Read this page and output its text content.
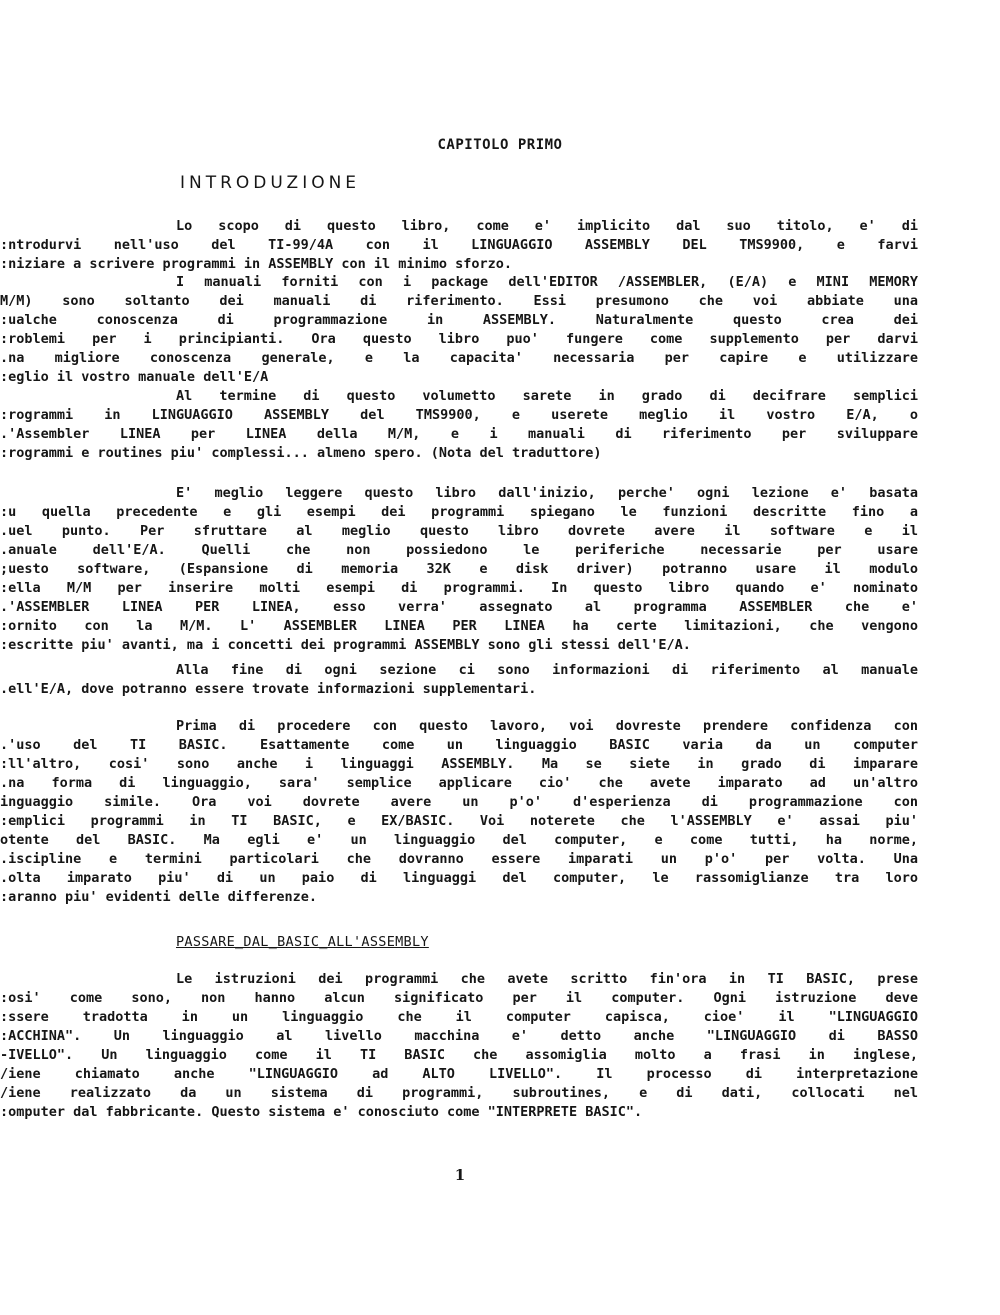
CAPITOLO PRIMO
INTRODUZIONE
Lo scopo di questo libro, come e' implicito dal suo titolo, e' di
:ntrodurvi nell'uso del TI-99/4A con il LINGUAGGIO ASSEMBLY DEL TMS9900, e farvi
:niziare a scrivere programmi in ASSEMBLY con il minimo sforzo.
I manuali forniti con i package dell'EDITOR /ASSEMBLER, (E/A) e MINI MEMORY
M/M) sono soltanto dei manuali di riferimento. Essi presumono che voi abbiate una
:ualche conoscenza di programmazione in ASSEMBLY. Naturalmente questo crea dei
:roblemi per i principianti. Ora questo libro puo' fungere come supplemento per darvi
.na migliore conoscenza generale, e la capacita' necessaria per capire e utilizzare
:eglio il vostro manuale dell'E/A
Al termine di questo volumetto sarete in grado di decifrare semplici
:rogrammi in LINGUAGGIO ASSEMBLY del TMS9900, e userete meglio il vostro E/A, o
.'Assembler LINEA per LINEA della M/M, e i manuali di riferimento per sviluppare
:rogrammi e routines piu' complessi... almeno spero. (Nota del traduttore)
E' meglio leggere questo libro dall'inizio, perche' ogni lezione e' basata
:u quella precedente e gli esempi dei programmi spiegano le funzioni descritte fino a
.uel punto. Per sfruttare al meglio questo libro dovrete avere il software e il
.anuale dell'E/A. Quelli che non possiedono le periferiche necessarie per usare
;uesto software, (Espansione di memoria 32K e disk driver) potranno usare il modulo
:ella M/M per inserire molti esempi di programmi. In questo libro quando e' nominato
.'ASSEMBLER LINEA PER LINEA, esso verra' assegnato al programma ASSEMBLER che e'
:ornito con la M/M. L' ASSEMBLER LINEA PER LINEA ha certe limitazioni, che vengono
:escritte piu' avanti, ma i concetti dei programmi ASSEMBLY sono gli stessi dell'E/A.
Alla fine di ogni sezione ci sono informazioni di riferimento al manuale
.ell'E/A, dove potranno essere trovate informazioni supplementari.
Prima di procedere con questo lavoro, voi dovreste prendere confidenza con
.'uso del TI BASIC. Esattamente come un linguaggio BASIC varia da un computer
:ll'altro, cosi' sono anche i linguaggi ASSEMBLY. Ma se siete in grado di imparare
.na forma di linguaggio, sara' semplice applicare cio' che avete imparato ad un'altro
inguaggio simile. Ora voi dovrete avere un p'o' d'esperienza di programmazione con
:emplici programmi in TI BASIC, e EX/BASIC. Voi noterete che l'ASSEMBLY e' assai piu'
otente del BASIC. Ma egli e' un linguaggio del computer, e come tutti, ha norme,
.iscipline e termini particolari che dovranno essere imparati un p'o' per volta. Una
.olta imparato piu' di un paio di linguaggi del computer, le rassomiglianze tra loro
:aranno piu' evidenti delle differenze.
PASSARE_DAL_BASIC_ALL'ASSEMBLY
Le istruzioni dei programmi che avete scritto fin'ora in TI BASIC, prese
:osi' come sono, non hanno alcun significato per il computer. Ogni istruzione deve
:ssere tradotta in un linguaggio che il computer capisca, cioe' il "LINGUAGGIO
:ACCHINA". Un linguaggio al livello macchina e' detto anche "LINGUAGGIO di BASSO
-IVELLO". Un linguaggio come il TI BASIC che assomiglia molto a frasi in inglese,
/iene chiamato anche "LINGUAGGIO ad ALTO LIVELLO". Il processo di interpretazione
/iene realizzato da un sistema di programmi, subroutines, e di dati, collocati nel
:omputer dal fabbricante. Questo sistema e' conosciuto come "INTERPRETE BASIC".
1
